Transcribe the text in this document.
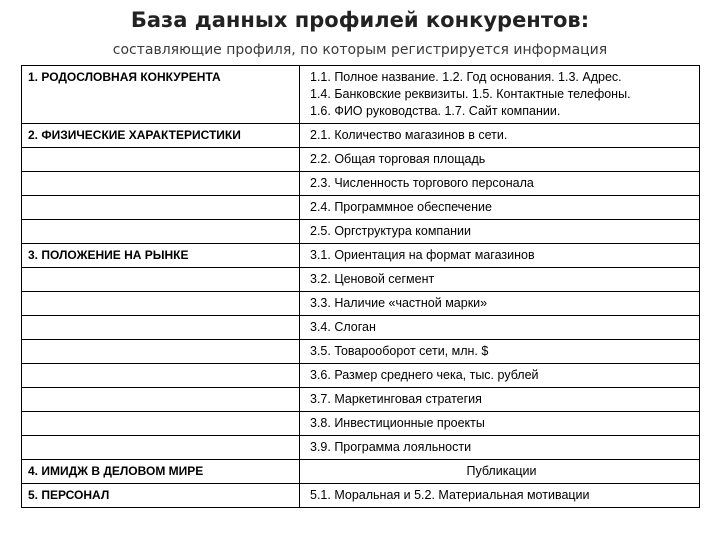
База данных профилей конкурентов:
составляющие профиля, по которым регистрируется информация
1. РОДОСЛОВНАЯ КОНКУРЕНТА	1.1. Полное название. 1.2. Год основания. 1.3. Адрес.
1.4. Банковские реквизиты. 1.5. Контактные телефоны.
1.6. ФИО руководства. 1.7. Сайт компании.

2. ФИЗИЧЕСКИЕ ХАРАКТЕРИСТИКИ	2.1. Количество магазинов в сети.
	2.2. Общая торговая площадь
	2.3. Численность торгового персонала
	2.4. Программное обеспечение
	2.5. Оргструктура компании
3. ПОЛОЖЕНИЕ НА РЫНКЕ	3.1. Ориентация на формат магазинов
	3.2. Ценовой сегмент
	3.3. Наличие «частной марки»
	3.4. Слоган
	3.5. Товарооборот сети, млн. $
	3.6. Размер среднего чека, тыс. рублей
	3.7. Маркетинговая стратегия
	3.8. Инвестиционные проекты
	3.9. Программа лояльности
4. ИМИДЖ В ДЕЛОВОМ МИРЕ	Публикации
5. ПЕРСОНАЛ	5.1. Моральная и 5.2. Материальная мотивации
